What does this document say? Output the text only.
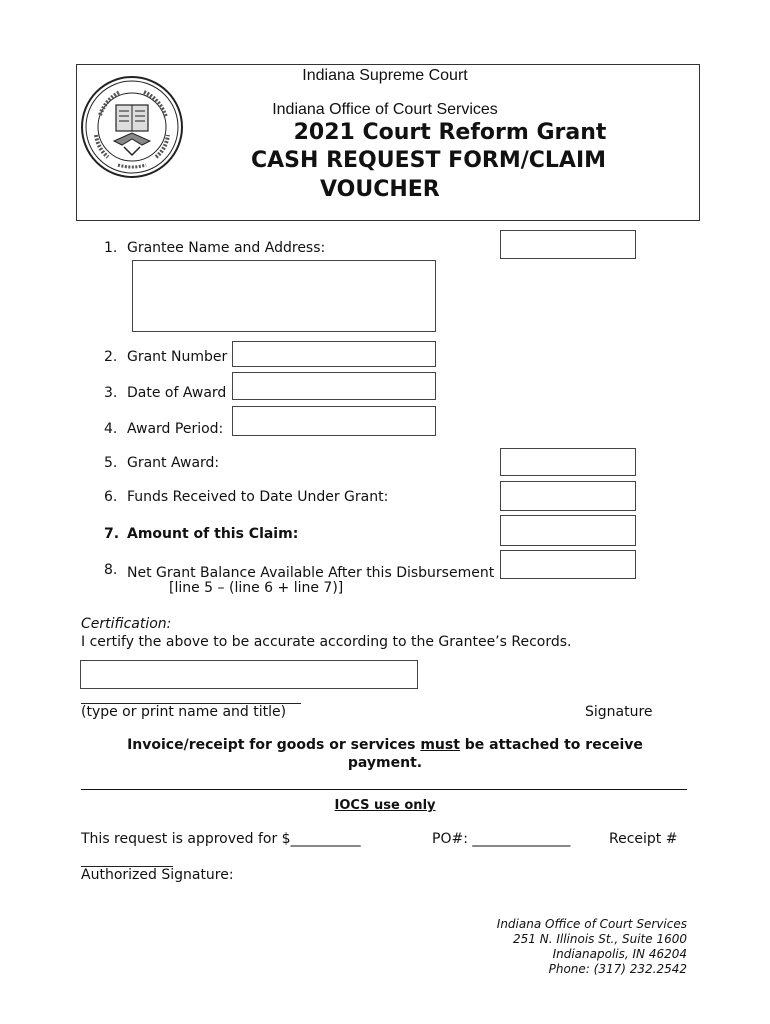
Indiana Supreme Court
Indiana Office of Court Services
2021 Court Reform Grant
CASH REQUEST FORM/CLAIM
VOUCHER
1. Grantee Name and Address:
2. Grant Number
3. Date of Award
4. Award Period:
5. Grant Award:
6. Funds Received to Date Under Grant:
7. Amount of this Claim:
8. Net Grant Balance Available After this Disbursement
[line 5 – (line 6 + line 7)]
Certification:
I certify the above to be accurate according to the Grantee’s Records.
(type or print name and title)	Signature
Invoice/receipt for goods or services must be attached to receive
payment.
IOCS use only
This request is approved for $__________	PO#: ______________	Receipt #
Authorized Signature:
Indiana Office of Court Services
251 N. Illinois St., Suite 1600
Indianapolis, IN 46204
Phone: (317) 232.2542
